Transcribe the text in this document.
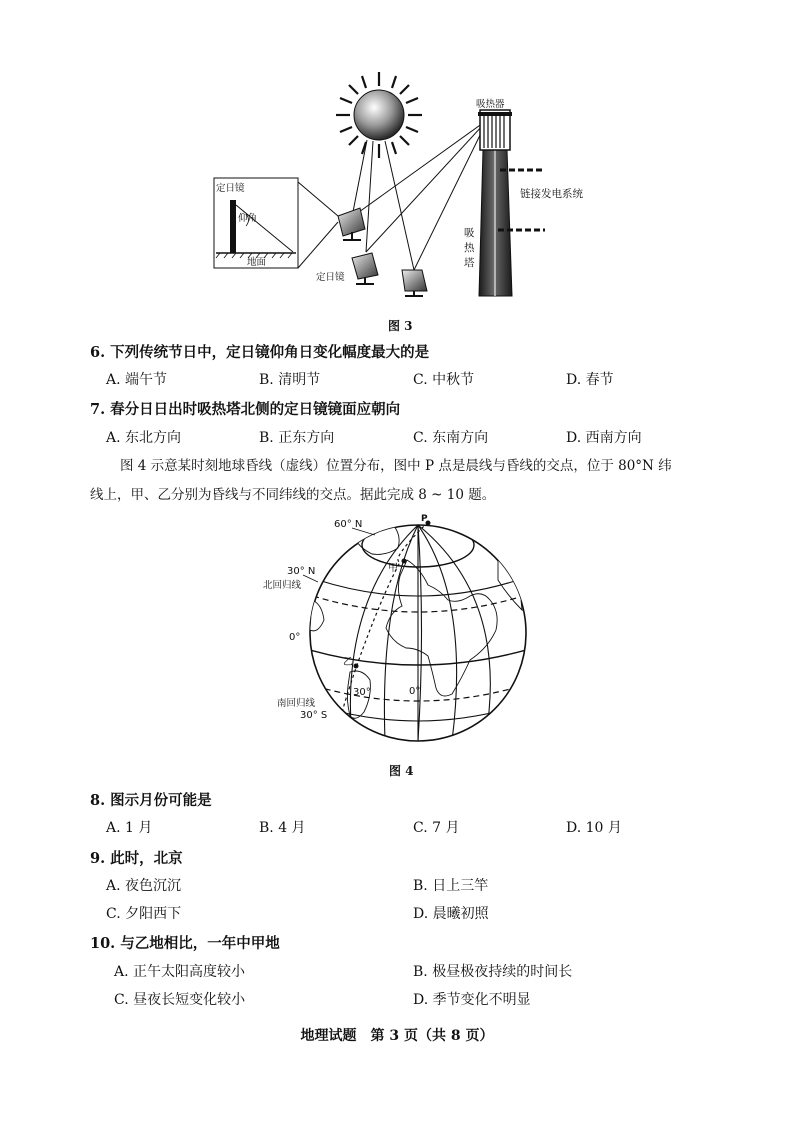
吸热器
链接发电系统
吸
热
塔
定日镜
定日镜
仰角
地面
图 3
6. 下列传统节日中，定日镜仰角日变化幅度最大的是
A. 端午节	B. 清明节	C. 中秋节	D. 春节
7. 春分日日出时吸热塔北侧的定日镜镜面应朝向
A. 东北方向	B. 正东方向	C. 东南方向	D. 西南方向
图 4 示意某时刻地球昏线（虚线）位置分布，图中 P 点是晨线与昏线的交点，位于 80°N 纬
线上，甲、乙分别为昏线与不同纬线的交点。据此完成 8 ~ 10 题。
60° N	P
甲
30° N
北回归线
0°
乙
30°	0°
南回归线
30° S
图 4
8. 图示月份可能是
A. 1 月	B. 4 月	C. 7 月	D. 10 月
9. 此时，北京
A. 夜色沉沉	B. 日上三竿
C. 夕阳西下	D. 晨曦初照
10. 与乙地相比，一年中甲地
A. 正午太阳高度较小	B. 极昼极夜持续的时间长
C. 昼夜长短变化较小	D. 季节变化不明显
地理试题　第 3 页（共 8 页）
